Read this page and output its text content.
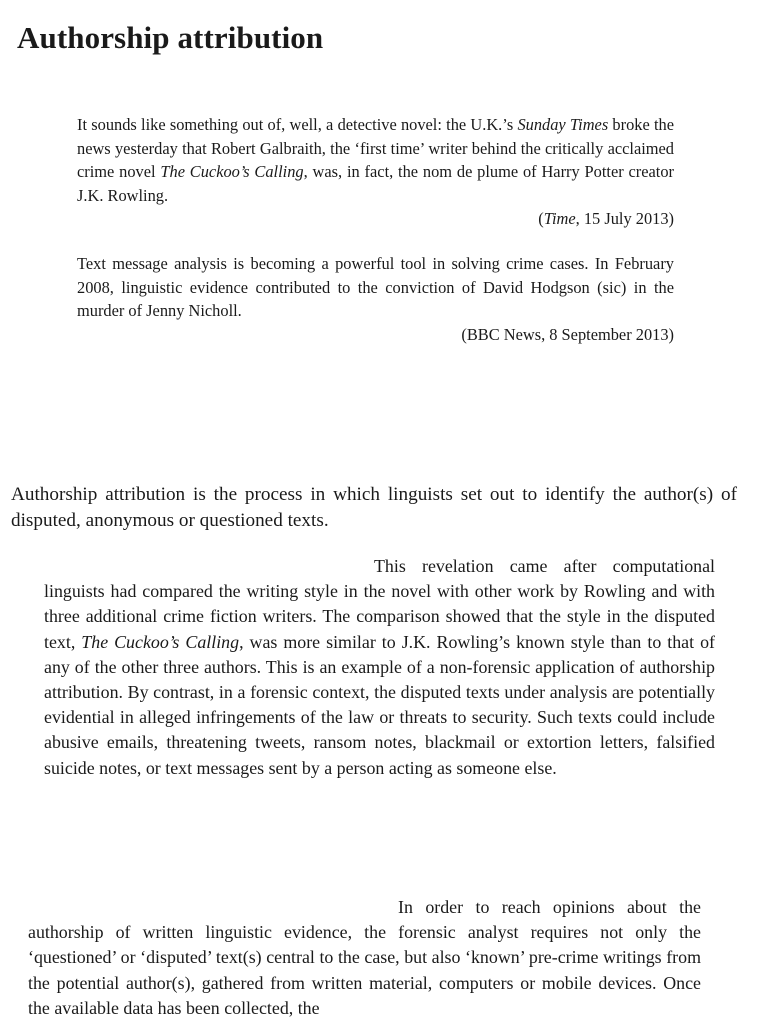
Authorship attribution

It sounds like something out of, well, a detective novel: the U.K.’s Sunday Times broke the news yesterday that Robert Galbraith, the ‘first time’ writer behind the critically acclaimed crime novel The Cuckoo’s Calling, was, in fact, the nom de plume of Harry Potter creator J.K. Rowling.

(Time, 15 July 2013)

Text message analysis is becoming a powerful tool in solving crime cases. In February 2008, linguistic evidence contributed to the conviction of David Hodgson (sic) in the murder of Jenny Nicholl.

(BBC News, 8 September 2013)

Authorship attribution is the process in which linguists set out to identify the author(s) of disputed, anonymous or questioned texts.

This revelation came after computational linguists had compared the writing style in the novel with other work by Rowling and with three additional crime fiction writers. The comparison showed that the style in the disputed text, The Cuckoo’s Calling, was more similar to J.K. Rowling’s known style than to that of any of the other three authors. This is an example of a non-forensic application of authorship attribution. By contrast, in a forensic context, the disputed texts under analysis are potentially evidential in alleged infringements of the law or threats to security. Such texts could include abusive emails, threatening tweets, ransom notes, blackmail or extortion letters, falsified suicide notes, or text messages sent by a person acting as someone else.

In order to reach opinions about the authorship of written linguistic evidence, the forensic analyst requires not only the ‘questioned’ or ‘disputed’ text(s) central to the case, but also ‘known’ pre-crime writings from the potential author(s), gathered from written material, computers or mobile devices. Once the available data has been collected, the
